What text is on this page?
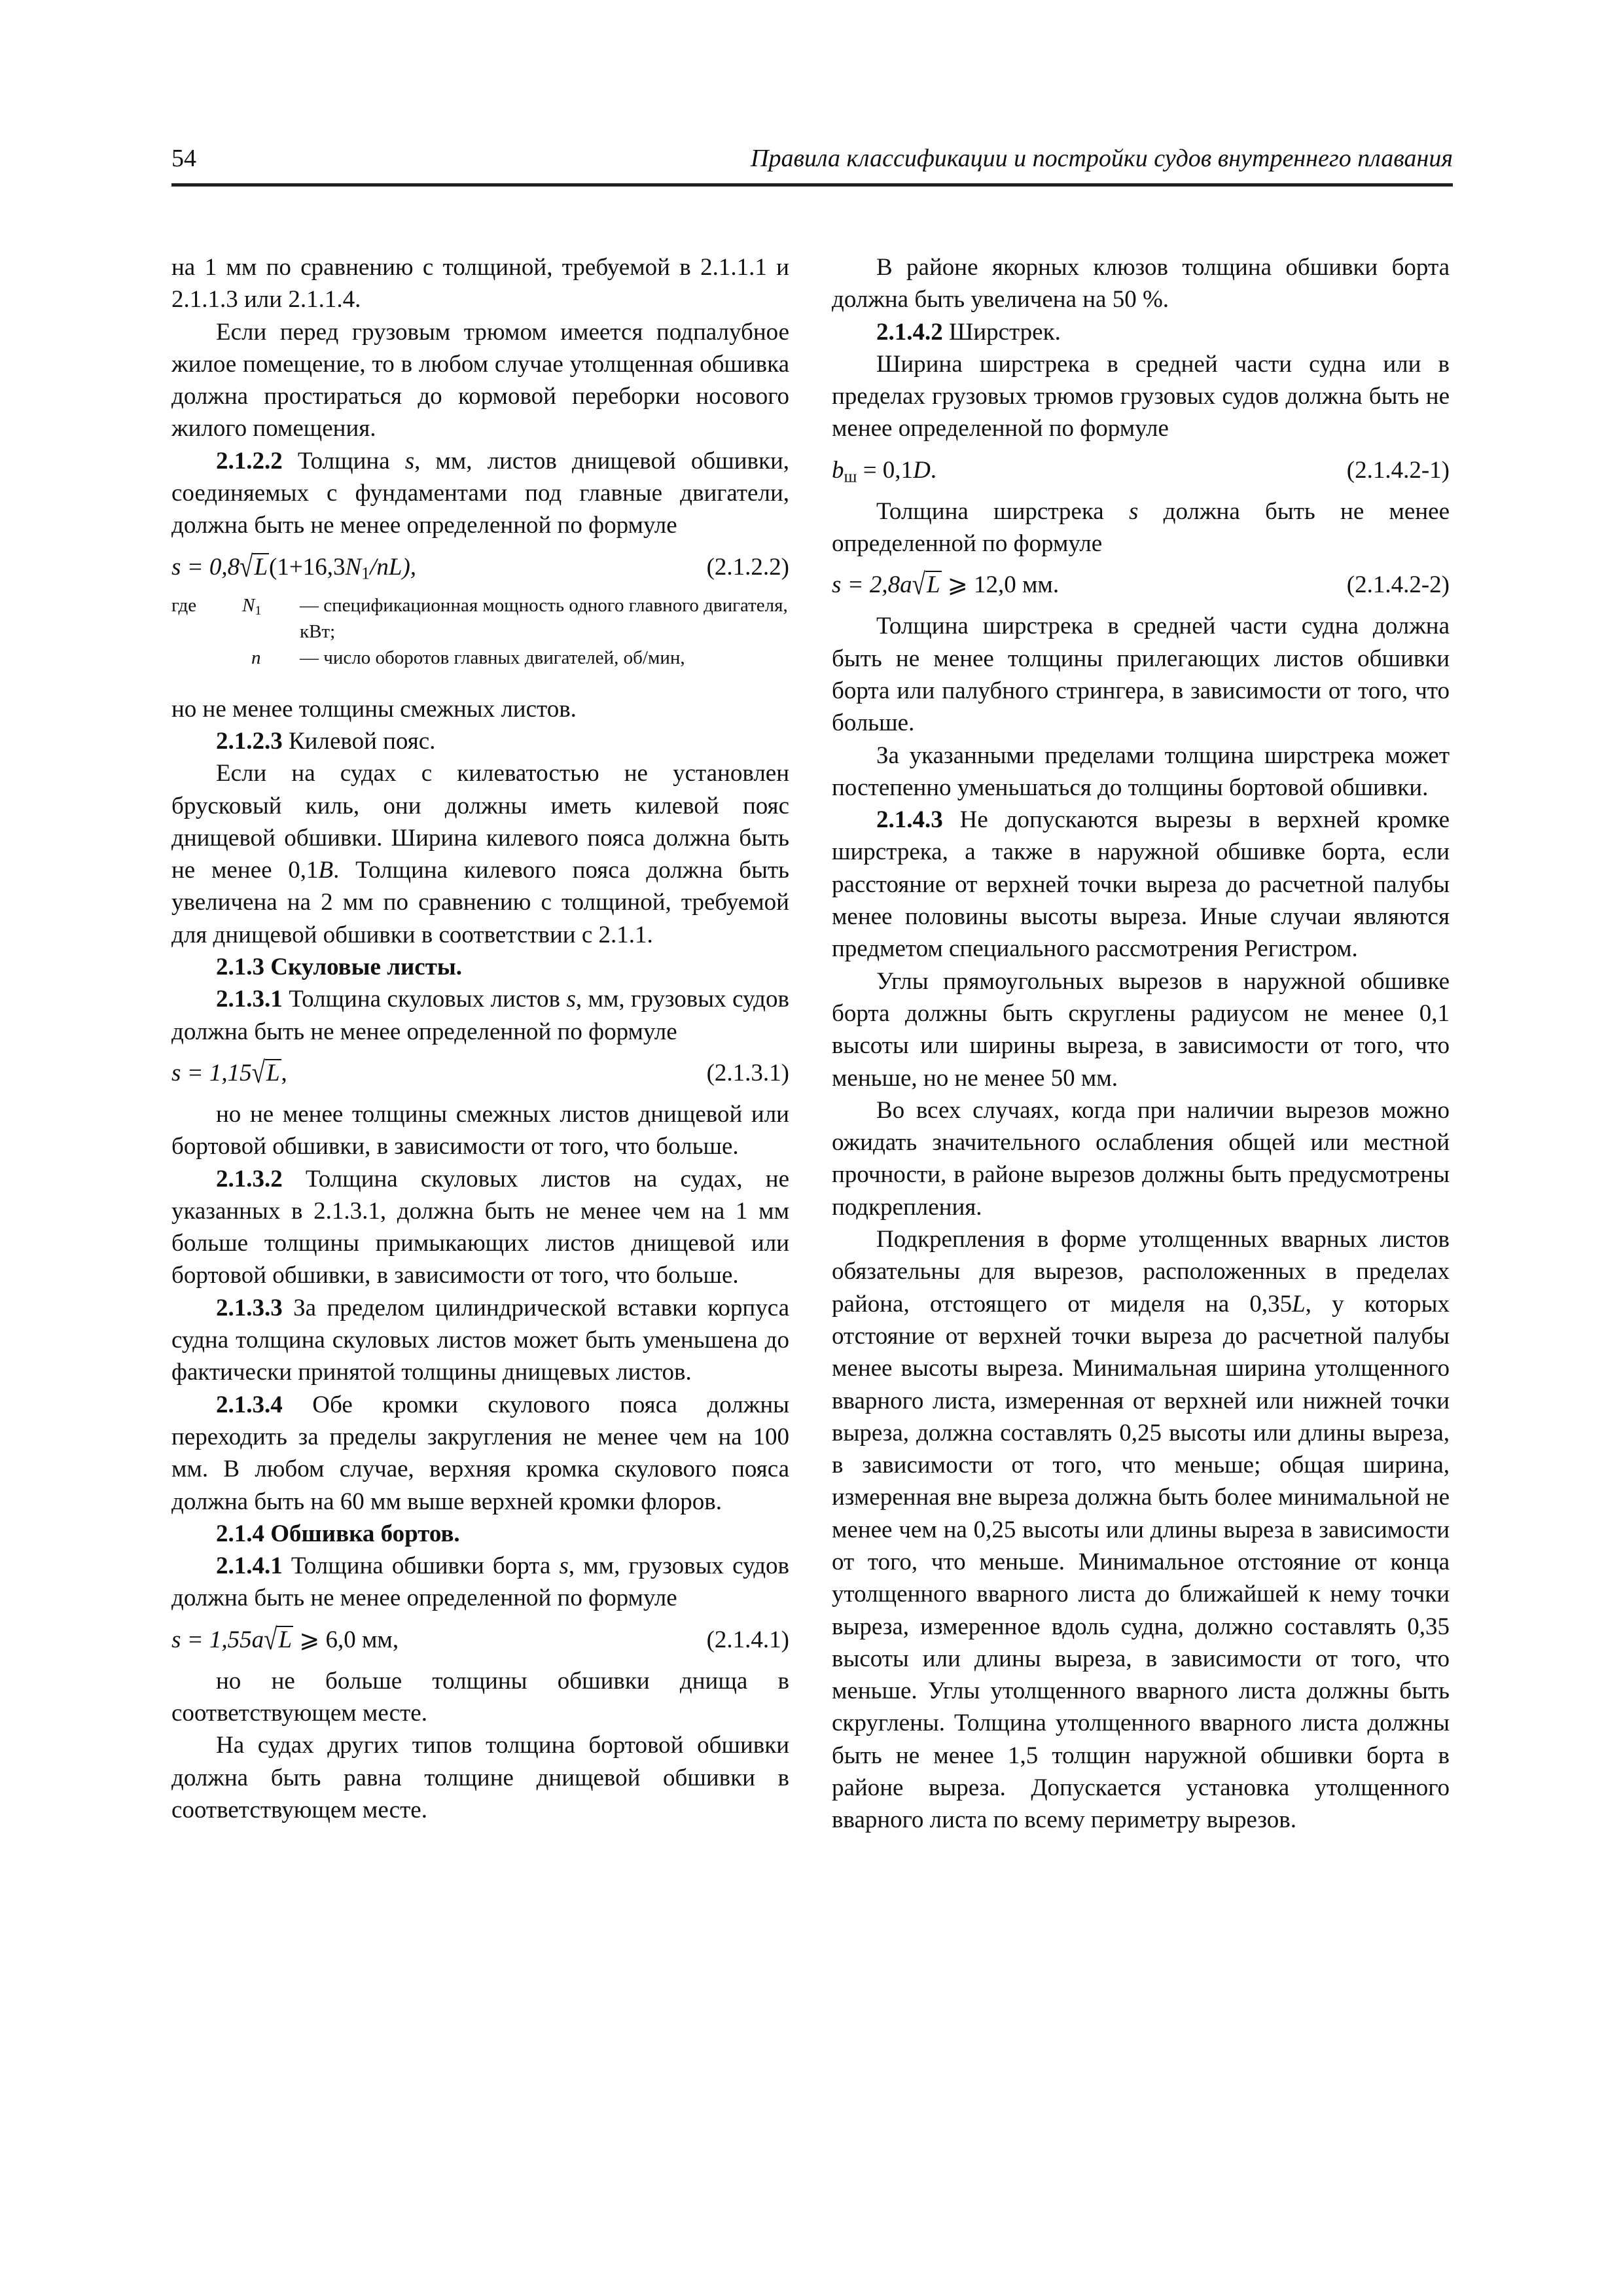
54	Правила классификации и постройки судов внутреннего плавания

на 1 мм по сравнению с толщиной, требуемой в 2.1.1.1 и 2.1.1.3 или 2.1.1.4.

Если перед грузовым трюмом имеется подпалубное жилое помещение, то в любом случае утолщенная обшивка должна простираться до кормовой переборки носового жилого помещения.

2.1.2.2 Толщина s, мм, листов днищевой обшивки, соединяемых с фундаментами под главные двигатели, должна быть не менее определенной по формуле

$s = 0,8√L(1+16,3N_1/nL)$,	(2.1.2.2)
где $N_1$ — спецификационная мощность одного главного двигателя, кВт;
n — число оборотов главных двигателей, об/мин,

но не менее толщины смежных листов.

2.1.2.3 Килевой пояс.

Если на судах с килеватостью не установлен брусковый киль, они должны иметь килевой пояс днищевой обшивки. Ширина килевого пояса должна быть не менее 0,1B. Толщина килевого пояса должна быть увеличена на 2 мм по сравнению с толщиной, требуемой для днищевой обшивки в соответствии с 2.1.1.

2.1.3 Скуловые листы.

2.1.3.1 Толщина скуловых листов s, мм, грузовых судов должна быть не менее определенной по формуле

s = 1,15√L,	(2.1.3.1)

но не менее толщины смежных листов днищевой или бортовой обшивки, в зависимости от того, что больше.

2.1.3.2 Толщина скуловых листов на судах, не указанных в 2.1.3.1, должна быть не менее чем на 1 мм больше толщины примыкающих листов днищевой или бортовой обшивки, в зависимости от того, что больше.

2.1.3.3 За пределом цилиндрической вставки корпуса судна толщина скуловых листов может быть уменьшена до фактически принятой толщины днищевых листов.

2.1.3.4 Обе кромки скулового пояса должны переходить за пределы закругления не менее чем на 100 мм. В любом случае, верхняя кромка скулового пояса должна быть на 60 мм выше верхней кромки флоров.

2.1.4 Обшивка бортов.

2.1.4.1 Толщина обшивки борта s, мм, грузовых судов должна быть не менее определенной по формуле

s = 1,55a√L ⩾ 6,0 мм,	(2.1.4.1)

но не больше толщины обшивки днища в соответствующем месте.

На судах других типов толщина бортовой обшивки должна быть равна толщине днищевой обшивки в соответствующем месте.

В районе якорных клюзов толщина обшивки борта должна быть увеличена на 50 %.

2.1.4.2 Ширстрек.

Ширина ширстрека в средней части судна или в пределах грузовых трюмов грузовых судов должна быть не менее определенной по формуле

$b_ш = 0,1D$.	(2.1.4.2-1)

Толщина ширстрека s должна быть не менее определенной по формуле

s = 2,8a√L ⩾ 12,0 мм.	(2.1.4.2-2)

Толщина ширстрека в средней части судна должна быть не менее толщины прилегающих листов обшивки борта или палубного стрингера, в зависимости от того, что больше.

За указанными пределами толщина ширстрека может постепенно уменьшаться до толщины бортовой обшивки.

2.1.4.3 Не допускаются вырезы в верхней кромке ширстрека, а также в наружной обшивке борта, если расстояние от верхней точки выреза до расчетной палубы менее половины высоты выреза. Иные случаи являются предметом специального рассмотрения Регистром.

Углы прямоугольных вырезов в наружной обшивке борта должны быть скруглены радиусом не менее 0,1 высоты или ширины выреза, в зависимости от того, что меньше, но не менее 50 мм.

Во всех случаях, когда при наличии вырезов можно ожидать значительного ослабления общей или местной прочности, в районе вырезов должны быть предусмотрены подкрепления.

Подкрепления в форме утолщенных вварных листов обязательны для вырезов, расположенных в пределах района, отстоящего от миделя на 0,35L, у которых отстояние от верхней точки выреза до расчетной палубы менее высоты выреза. Минимальная ширина утолщенного вварного листа, измеренная от верхней или нижней точки выреза, должна составлять 0,25 высоты или длины выреза, в зависимости от того, что меньше; общая ширина, измеренная вне выреза должна быть более минимальной не менее чем на 0,25 высоты или длины выреза в зависимости от того, что меньше. Минимальное отстояние от конца утолщенного вварного листа до ближайшей к нему точки выреза, измеренное вдоль судна, должно составлять 0,35 высоты или длины выреза, в зависимости от того, что меньше. Углы утолщенного вварного листа должны быть скруглены. Толщина утолщенного вварного листа должны быть не менее 1,5 толщин наружной обшивки борта в районе выреза. Допускается установка утолщенного вварного листа по всему периметру вырезов.
